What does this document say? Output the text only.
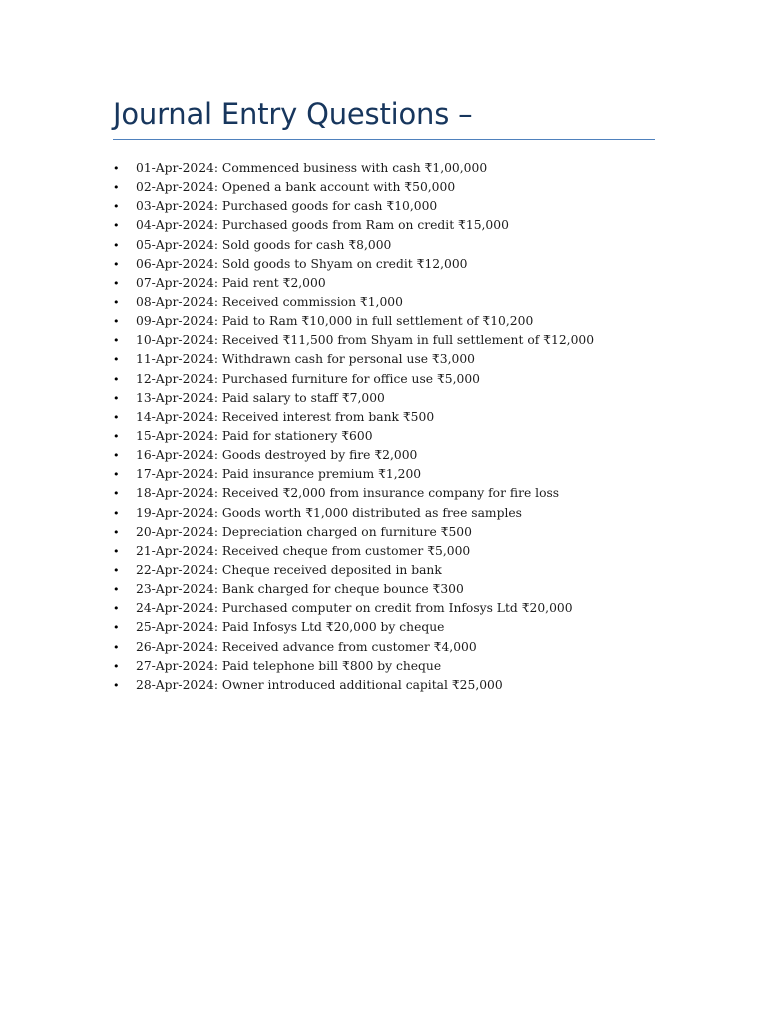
Journal Entry Questions –
• 01-Apr-2024: Commenced business with cash ₹1,00,000
• 02-Apr-2024: Opened a bank account with ₹50,000
• 03-Apr-2024: Purchased goods for cash ₹10,000
• 04-Apr-2024: Purchased goods from Ram on credit ₹15,000
• 05-Apr-2024: Sold goods for cash ₹8,000
• 06-Apr-2024: Sold goods to Shyam on credit ₹12,000
• 07-Apr-2024: Paid rent ₹2,000
• 08-Apr-2024: Received commission ₹1,000
• 09-Apr-2024: Paid to Ram ₹10,000 in full settlement of ₹10,200
• 10-Apr-2024: Received ₹11,500 from Shyam in full settlement of ₹12,000
• 11-Apr-2024: Withdrawn cash for personal use ₹3,000
• 12-Apr-2024: Purchased furniture for office use ₹5,000
• 13-Apr-2024: Paid salary to staff ₹7,000
• 14-Apr-2024: Received interest from bank ₹500
• 15-Apr-2024: Paid for stationery ₹600
• 16-Apr-2024: Goods destroyed by fire ₹2,000
• 17-Apr-2024: Paid insurance premium ₹1,200
• 18-Apr-2024: Received ₹2,000 from insurance company for fire loss
• 19-Apr-2024: Goods worth ₹1,000 distributed as free samples
• 20-Apr-2024: Depreciation charged on furniture ₹500
• 21-Apr-2024: Received cheque from customer ₹5,000
• 22-Apr-2024: Cheque received deposited in bank
• 23-Apr-2024: Bank charged for cheque bounce ₹300
• 24-Apr-2024: Purchased computer on credit from Infosys Ltd ₹20,000
• 25-Apr-2024: Paid Infosys Ltd ₹20,000 by cheque
• 26-Apr-2024: Received advance from customer ₹4,000
• 27-Apr-2024: Paid telephone bill ₹800 by cheque
• 28-Apr-2024: Owner introduced additional capital ₹25,000
